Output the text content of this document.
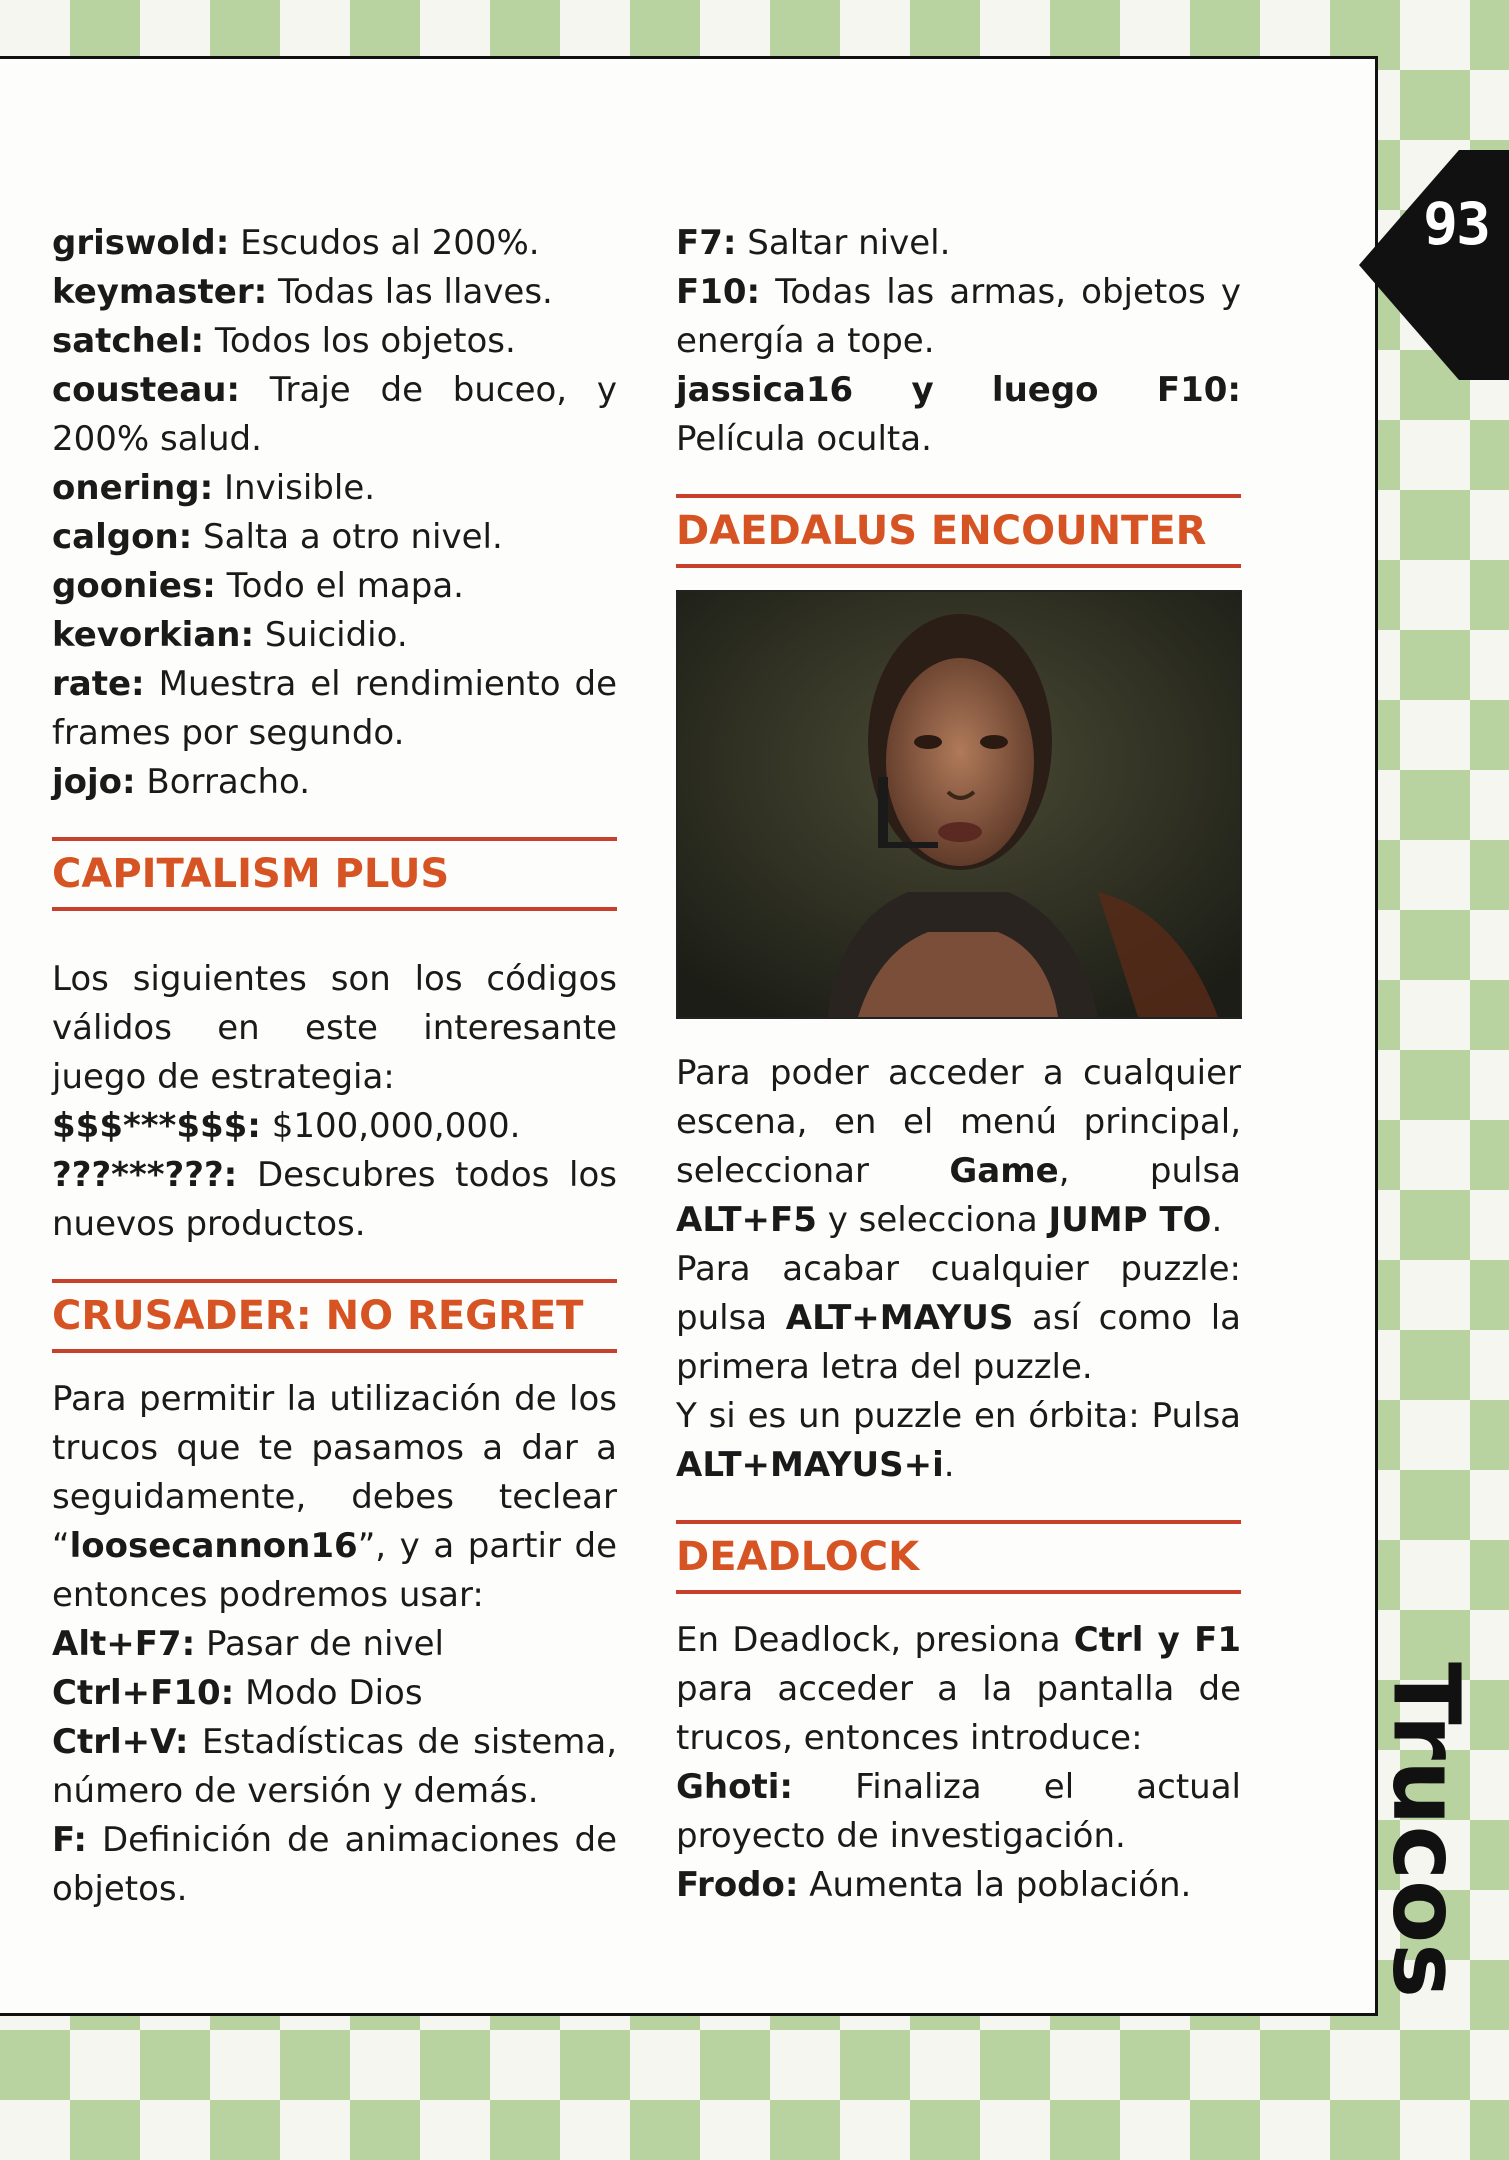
griswold: Escudos al 200%.

keymaster: Todas las llaves.

satchel: Todos los objetos.

cousteau: Traje de buceo, y 200% salud.

onering: Invisible.

calgon: Salta a otro nivel.

goonies: Todo el mapa.

kevorkian: Suicidio.

rate: Muestra el rendimiento de frames por segundo.

jojo: Borracho.

CAPITALISM PLUS

Los siguientes son los códigos válidos en este interesante juego de estrategia:

$$$***$$$: $100,000,000.

???***???: Descubres todos los nuevos productos.

CRUSADER: NO REGRET

Para permitir la utilización de los trucos que te pasamos a dar a seguidamente, debes teclear “loosecannon16”, y a partir de entonces podremos usar:

Alt+F7: Pasar de nivel

Ctrl+F10: Modo Dios

Ctrl+V: Estadísticas de sistema, número de versión y demás.

F: Definición de animaciones de objetos.

F7: Saltar nivel.

F10: Todas las armas, objetos y energía a tope.

jassica16 y luego F10: Película oculta.

DAEDALUS ENCOUNTER

Para poder acceder a cualquier escena, en el menú principal, seleccionar Game, pulsa ALT+F5 y selecciona JUMP TO.

Para acabar cualquier puzzle: pulsa ALT+MAYUS así como la primera letra del puzzle.

Y si es un puzzle en órbita: Pulsa ALT+MAYUS+i.

DEADLOCK

En Deadlock, presiona Ctrl y F1 para acceder a la pantalla de trucos, entonces introduce:

Ghoti: Finaliza el actual proyecto de investigación.

Frodo: Aumenta la población.

93
Trucos
